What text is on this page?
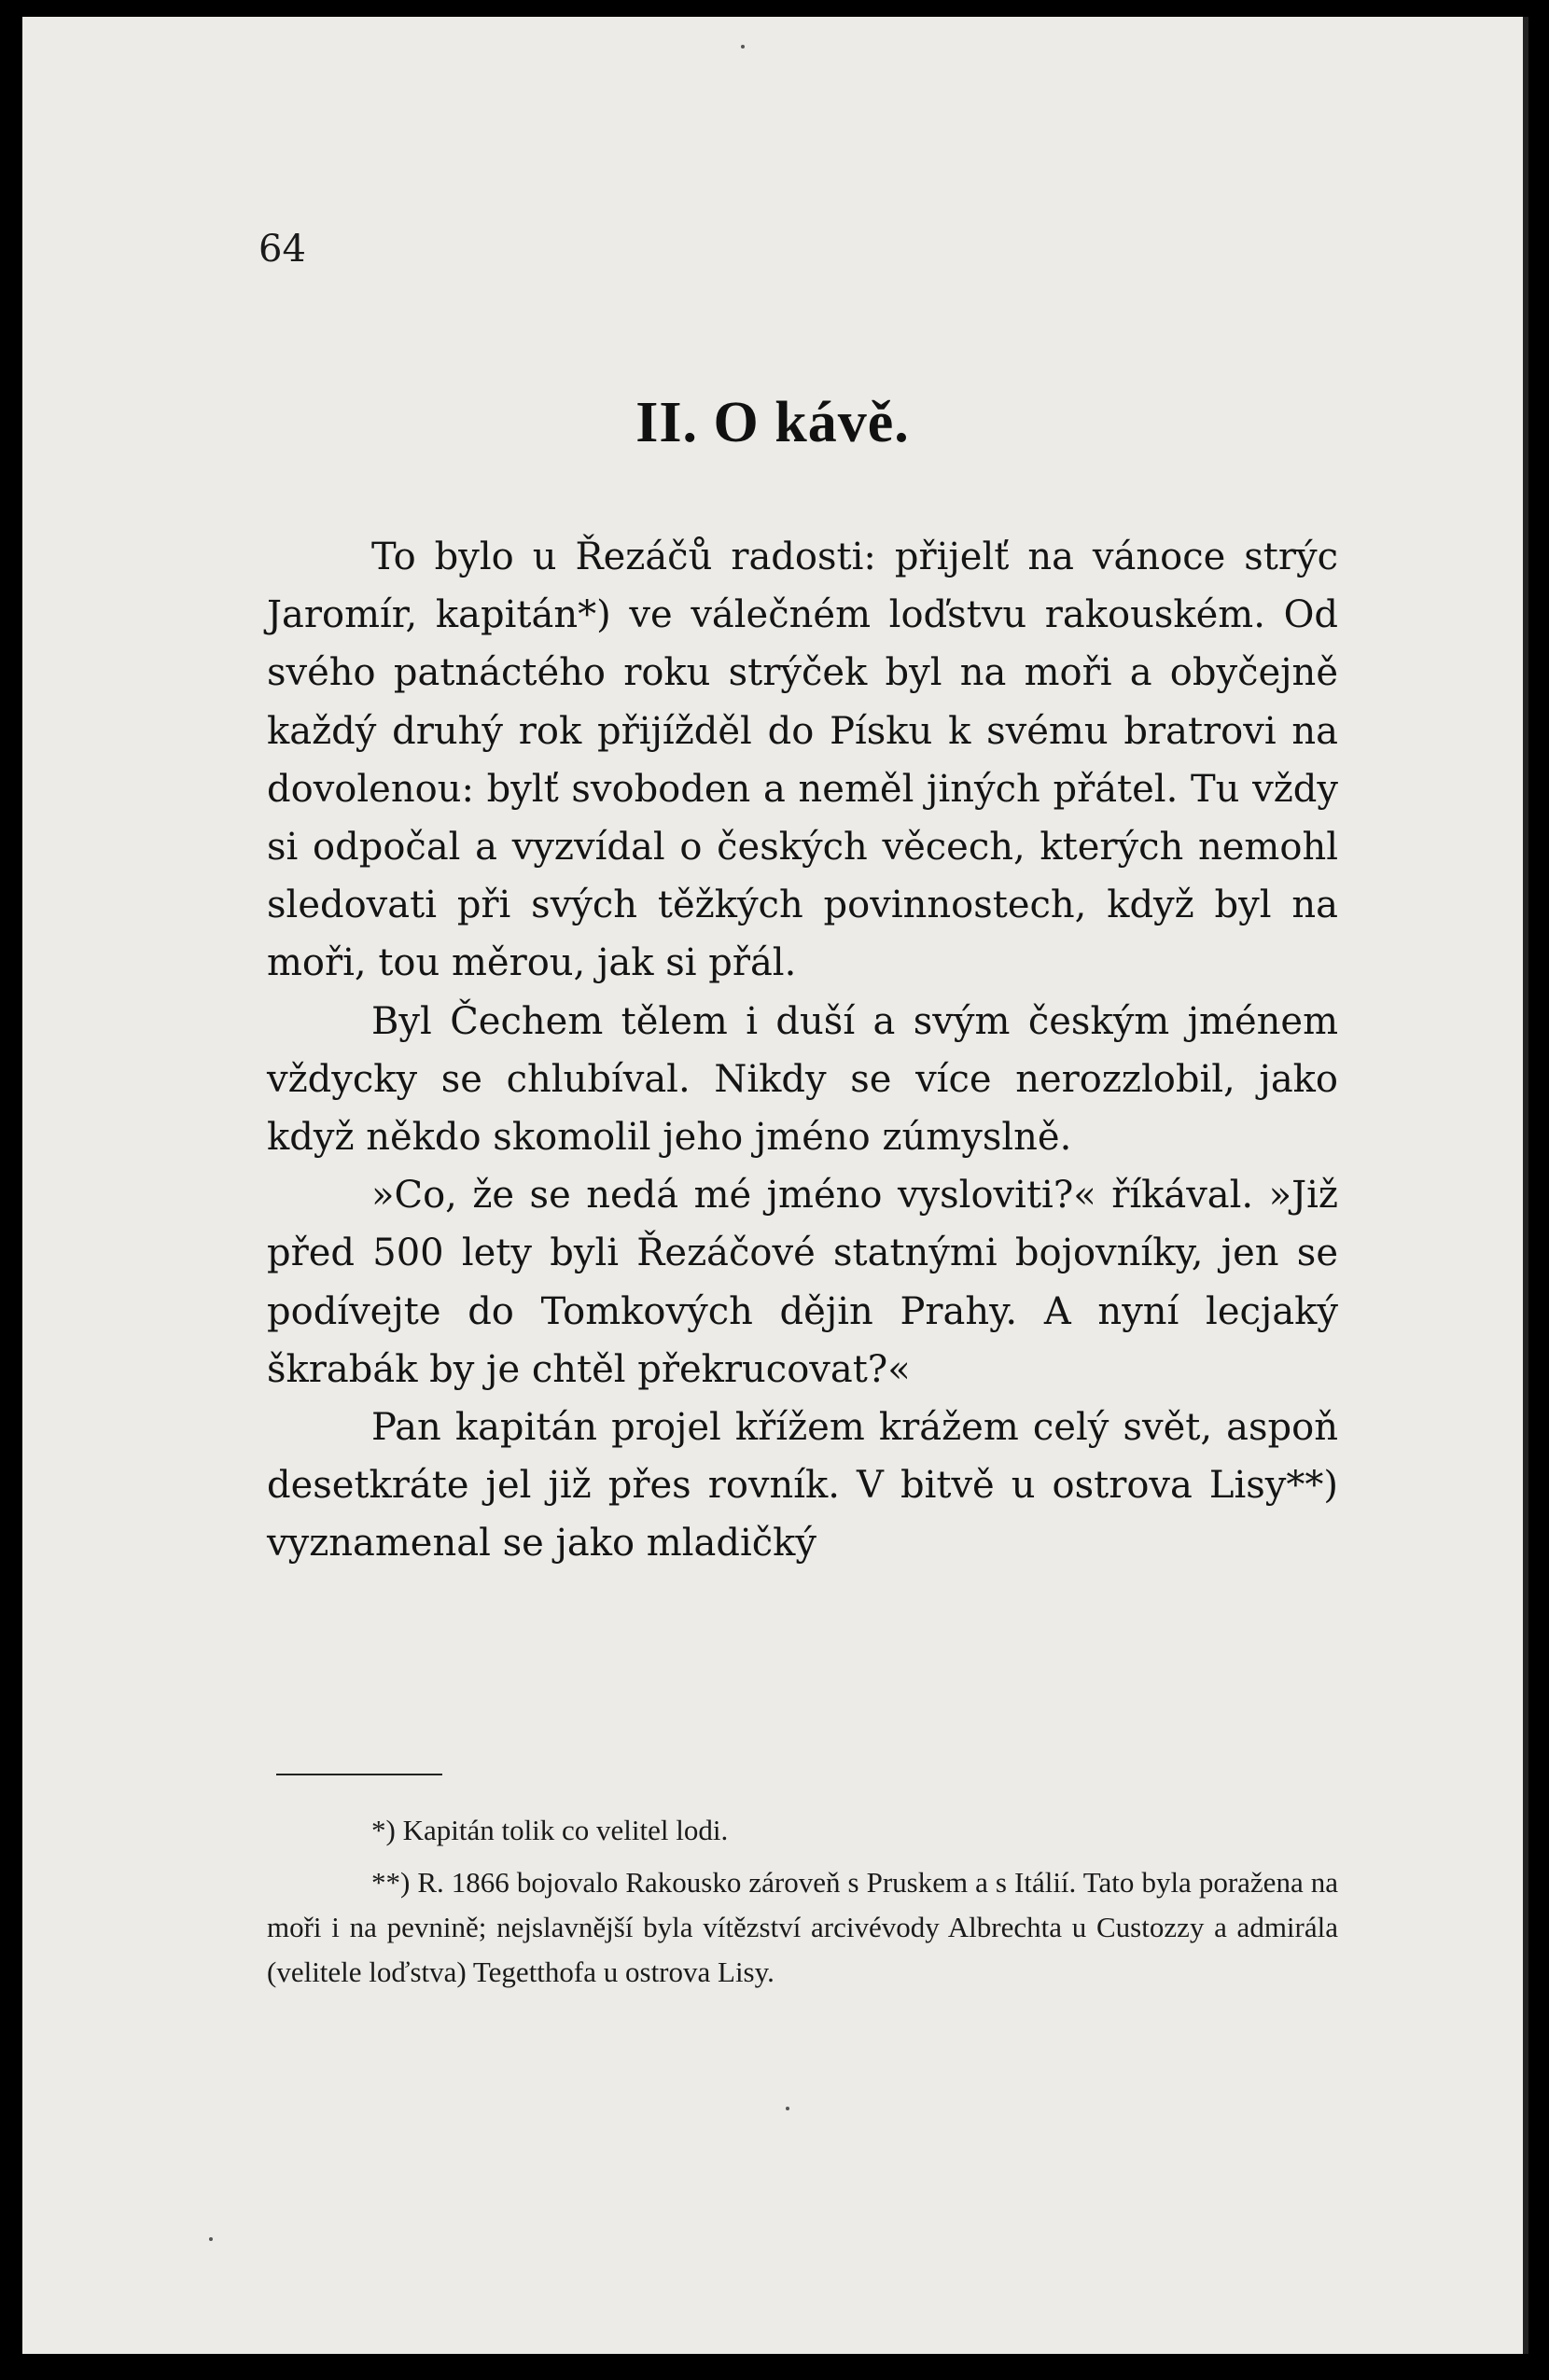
64
II. O kávě.

To bylo u Řezáčů radosti: přijelť na vánoce strýc Jaromír, kapitán*) ve válečném loďstvu rakouském. Od svého patnáctého roku strýček byl na moři a obyčejně každý druhý rok přijížděl do Písku k svému bratrovi na dovolenou: bylť svoboden a neměl jiných přátel. Tu vždy si odpočal a vyzvídal o českých věcech, kterých nemohl sledovati při svých těžkých povinnostech, když byl na moři, tou měrou, jak si přál.

Byl Čechem tělem i duší a svým českým jménem vždycky se chlubíval. Nikdy se více nerozzlobil, jako když někdo skomolil jeho jméno zúmyslně.

»Co, že se nedá mé jméno vysloviti?« říkával. »Již před 500 lety byli Řezáčové statnými bojovníky, jen se podívejte do Tomkových dějin Prahy. A nyní lecjaký škrabák by je chtěl překrucovat?«

Pan kapitán projel křížem krážem celý svět, aspoň desetkráte jel již přes rovník. V bitvě u ostrova Lisy**) vyznamenal se jako mladičký

*) Kapitán tolik co velitel lodi.

**) R. 1866 bojovalo Rakousko zároveň s Pruskem a s Itálií. Tato byla poražena na moři i na pevnině; nejslavnější byla vítězství arcivévody Albrechta u Custozzy a admirála (velitele loďstva) Tegetthofa u ostrova Lisy.
